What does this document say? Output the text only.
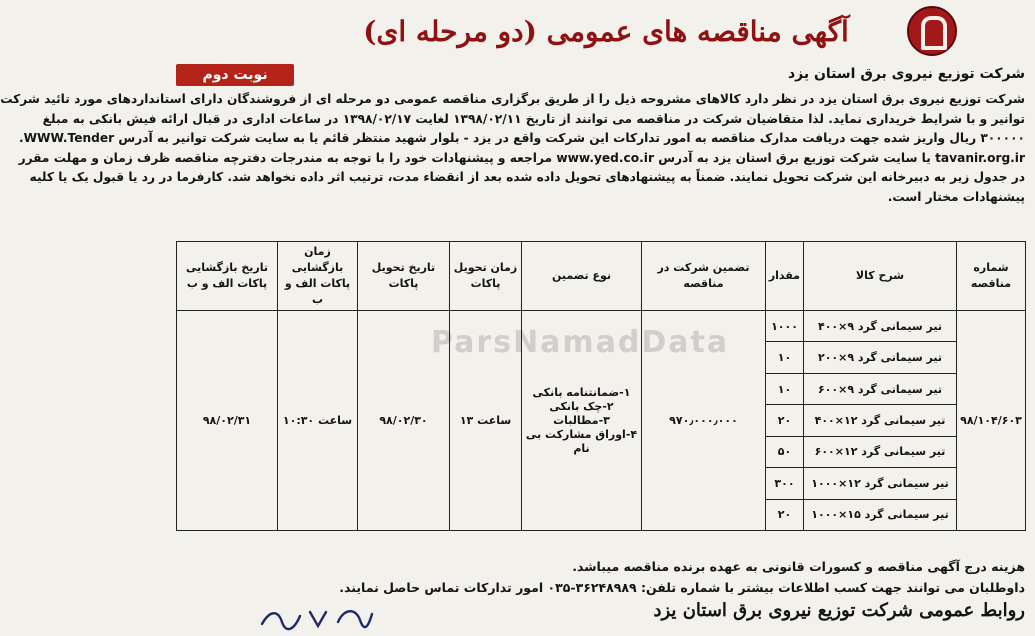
آگهی مناقصه های عمومی (دو مرحله ای)
نوبت دوم	شرکت توزیع نیروی برق استان یزد
شرکت توزیع نیروی برق استان یزد در نظر دارد کالاهای مشروحه ذیل را از طریق برگزاری مناقصه عمومی دو مرحله ای از فروشندگان دارای استانداردهای مورد تائید شرکت
توانیر و با شرایط خریداری نماید. لذا متقاضیان شرکت در مناقصه می توانند از تاریخ ۱۳۹۸/۰۲/۱۱ لغایت ۱۳۹۸/۰۲/۱۷ در ساعات اداری در قبال ارائه فیش بانکی به مبلغ
۳۰۰۰۰۰ ریال واریز شده جهت دریافت مدارک مناقصه به امور تدارکات این شرکت واقع در یزد - بلوار شهید منتظر قائم یا به سایت شرکت توانیر به آدرس WWW.Tender.
tavanir.org.ir یا سایت شرکت توزیع برق استان یزد به آدرس www.yed.co.ir مراجعه و پیشنهادات خود را با توجه به مندرجات دفترچه مناقصه ظرف زمان و مهلت مقرر
در جدول زیر به دبیرخانه این شرکت تحویل نمایند. ضمناً به پیشنهادهای تحویل داده شده بعد از انقضاء مدت، ترتیب اثر داده نخواهد شد. کارفرما در رد یا قبول یک یا کلیه
پیشنهادات مختار است.
ParsNamadData
شماره مناقصه	شرح کالا	مقدار	تضمین شرکت در مناقصه	نوع تضمین	زمان تحویل پاکات	تاریخ تحویل پاکات	زمان بازگشایی پاکات الف و ب	تاریخ بازگشایی پاکات الف و ب
۹۸/۱۰۴/۶۰۳	تیر سیمانی گرد ۹×۴۰۰	۱۰۰۰	۹۷۰٫۰۰۰٫۰۰۰	۱-ضمانتنامه بانکی
۲-چک بانکی
۳-مطالبات
۴-اوراق مشارکت بی نام	ساعت ۱۳	۹۸/۰۲/۳۰	ساعت ۱۰:۳۰	۹۸/۰۲/۳۱
	تیر سیمانی گرد ۹×۲۰۰	۱۰						
	تیر سیمانی گرد ۹×۶۰۰	۱۰						
	تیر سیمانی گرد ۱۲×۴۰۰	۲۰						
	تیر سیمانی گرد ۱۲×۶۰۰	۵۰						
	تیر سیمانی گرد ۱۲×۱۰۰۰	۳۰۰						
	تیر سیمانی گرد ۱۵×۱۰۰۰	۲۰						
هزینه درج آگهی مناقصه و کسورات قانونی به عهده برنده مناقصه میباشد.
داوطلبان می توانند جهت کسب اطلاعات بیشتر با شماره تلفن: ۳۶۲۴۸۹۸۹-۰۳۵ امور تدارکات تماس حاصل نمایند.
روابط عمومی شرکت توزیع نیروی برق استان یزد
